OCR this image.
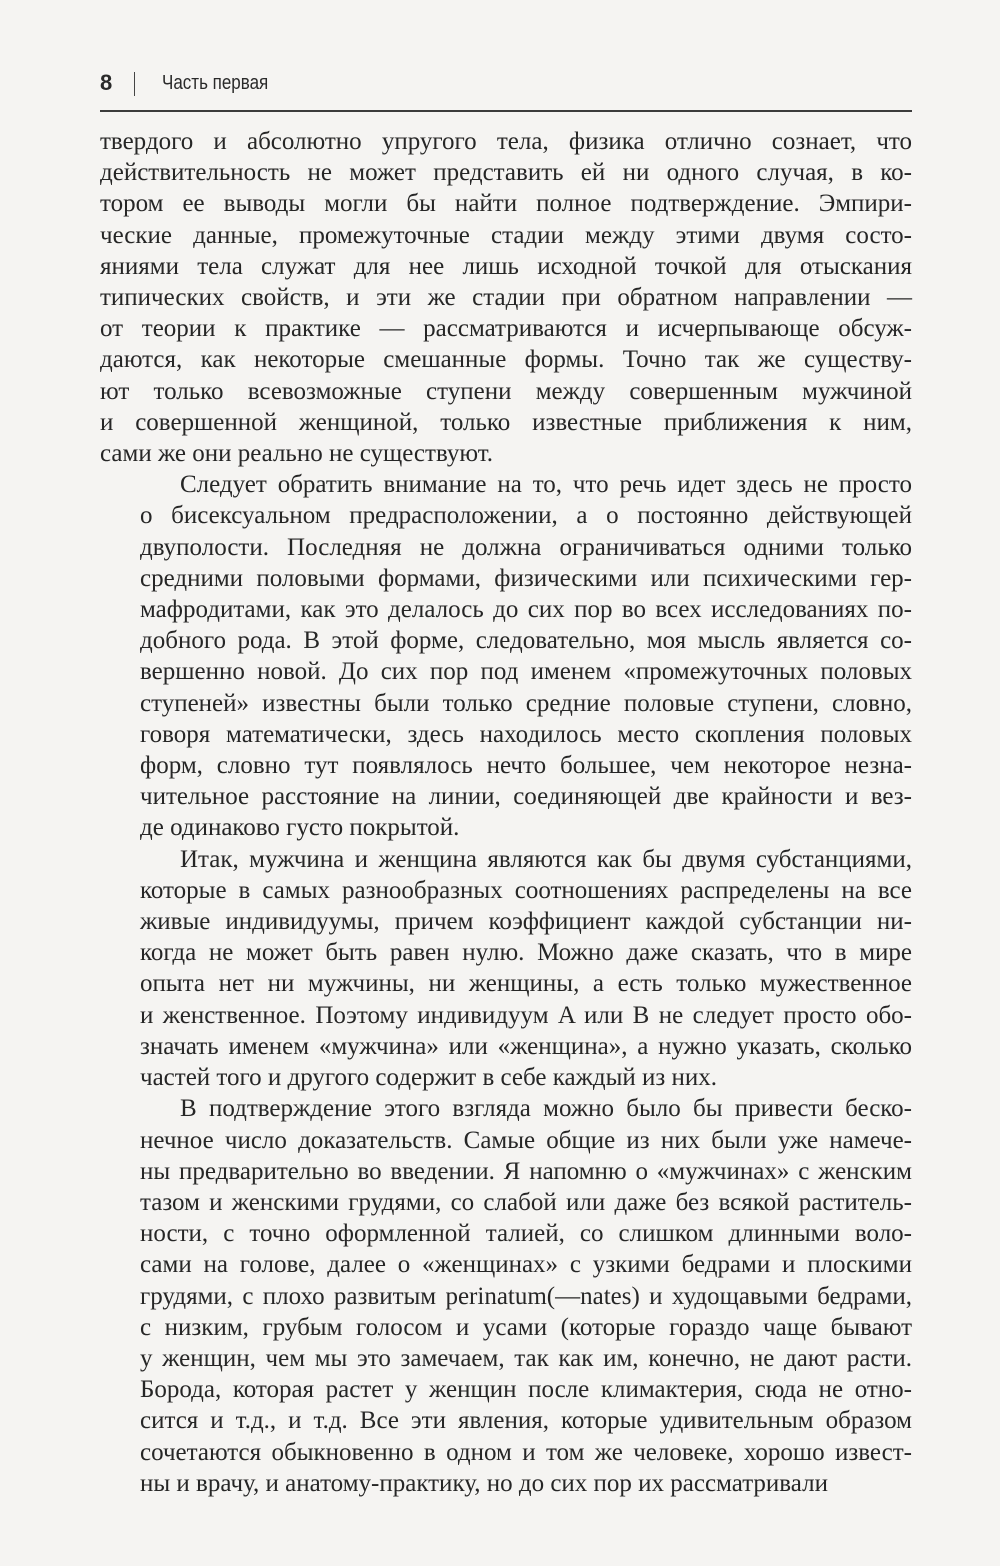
8 Часть первая
твердого и абсолютно упругого тела, физика отлично сознает, что
действительность не может представить ей ни одного случая, в ко-
тором ее выводы могли бы найти полное подтверждение. Эмпири-
ческие данные, промежуточные стадии между этими двумя состо-
яниями тела служат для нее лишь исходной точкой для отыскания
типических свойств, и эти же стадии при обратном направлении —
от теории к практике — рассматриваются и исчерпывающе обсуж-
даются, как некоторые смешанные формы. Точно так же существу-
ют только всевозможные ступени между совершенным мужчиной
и совершенной женщиной, только известные приближения к ним,
сами же они реально не существуют.
Следует обратить внимание на то, что речь идет здесь не просто
о бисексуальном предрасположении, а о постоянно действующей
двуполости. Последняя не должна ограничиваться одними только
средними половыми формами, физическими или психическими гер-
мафродитами, как это делалось до сих пор во всех исследованиях по-
добного рода. В этой форме, следовательно, моя мысль является со-
вершенно новой. До сих пор под именем «промежуточных половых
ступеней» известны были только средние половые ступени, словно,
говоря математически, здесь находилось место скопления половых
форм, словно тут появлялось нечто большее, чем некоторое незна-
чительное расстояние на линии, соединяющей две крайности и вез-
де одинаково густо покрытой.
Итак, мужчина и женщина являются как бы двумя субстанциями,
которые в самых разнообразных соотношениях распределены на все
живые индивидуумы, причем коэффициент каждой субстанции ни-
когда не может быть равен нулю. Можно даже сказать, что в мире
опыта нет ни мужчины, ни женщины, а есть только мужественное
и женственное. Поэтому индивидуум A или B не следует просто обо-
значать именем «мужчина» или «женщина», а нужно указать, сколько
частей того и другого содержит в себе каждый из них.
В подтверждение этого взгляда можно было бы привести беско-
нечное число доказательств. Самые общие из них были уже намече-
ны предварительно во введении. Я напомню о «мужчинах» с женским
тазом и женскими грудями, со слабой или даже без всякой раститель-
ности, с точно оформленной талией, со слишком длинными воло-
сами на голове, далее о «женщинах» с узкими бедрами и плоскими
грудями, с плохо развитым perinatum(—nates) и худощавыми бедрами,
с низким, грубым голосом и усами (которые гораздо чаще бывают
у женщин, чем мы это замечаем, так как им, конечно, не дают расти.
Борода, которая растет у женщин после климактерия, сюда не отно-
сится и т.д., и т.д. Все эти явления, которые удивительным образом
сочетаются обыкновенно в одном и том же человеке, хорошо извест-
ны и врачу, и анатому-практику, но до сих пор их рассматривали
